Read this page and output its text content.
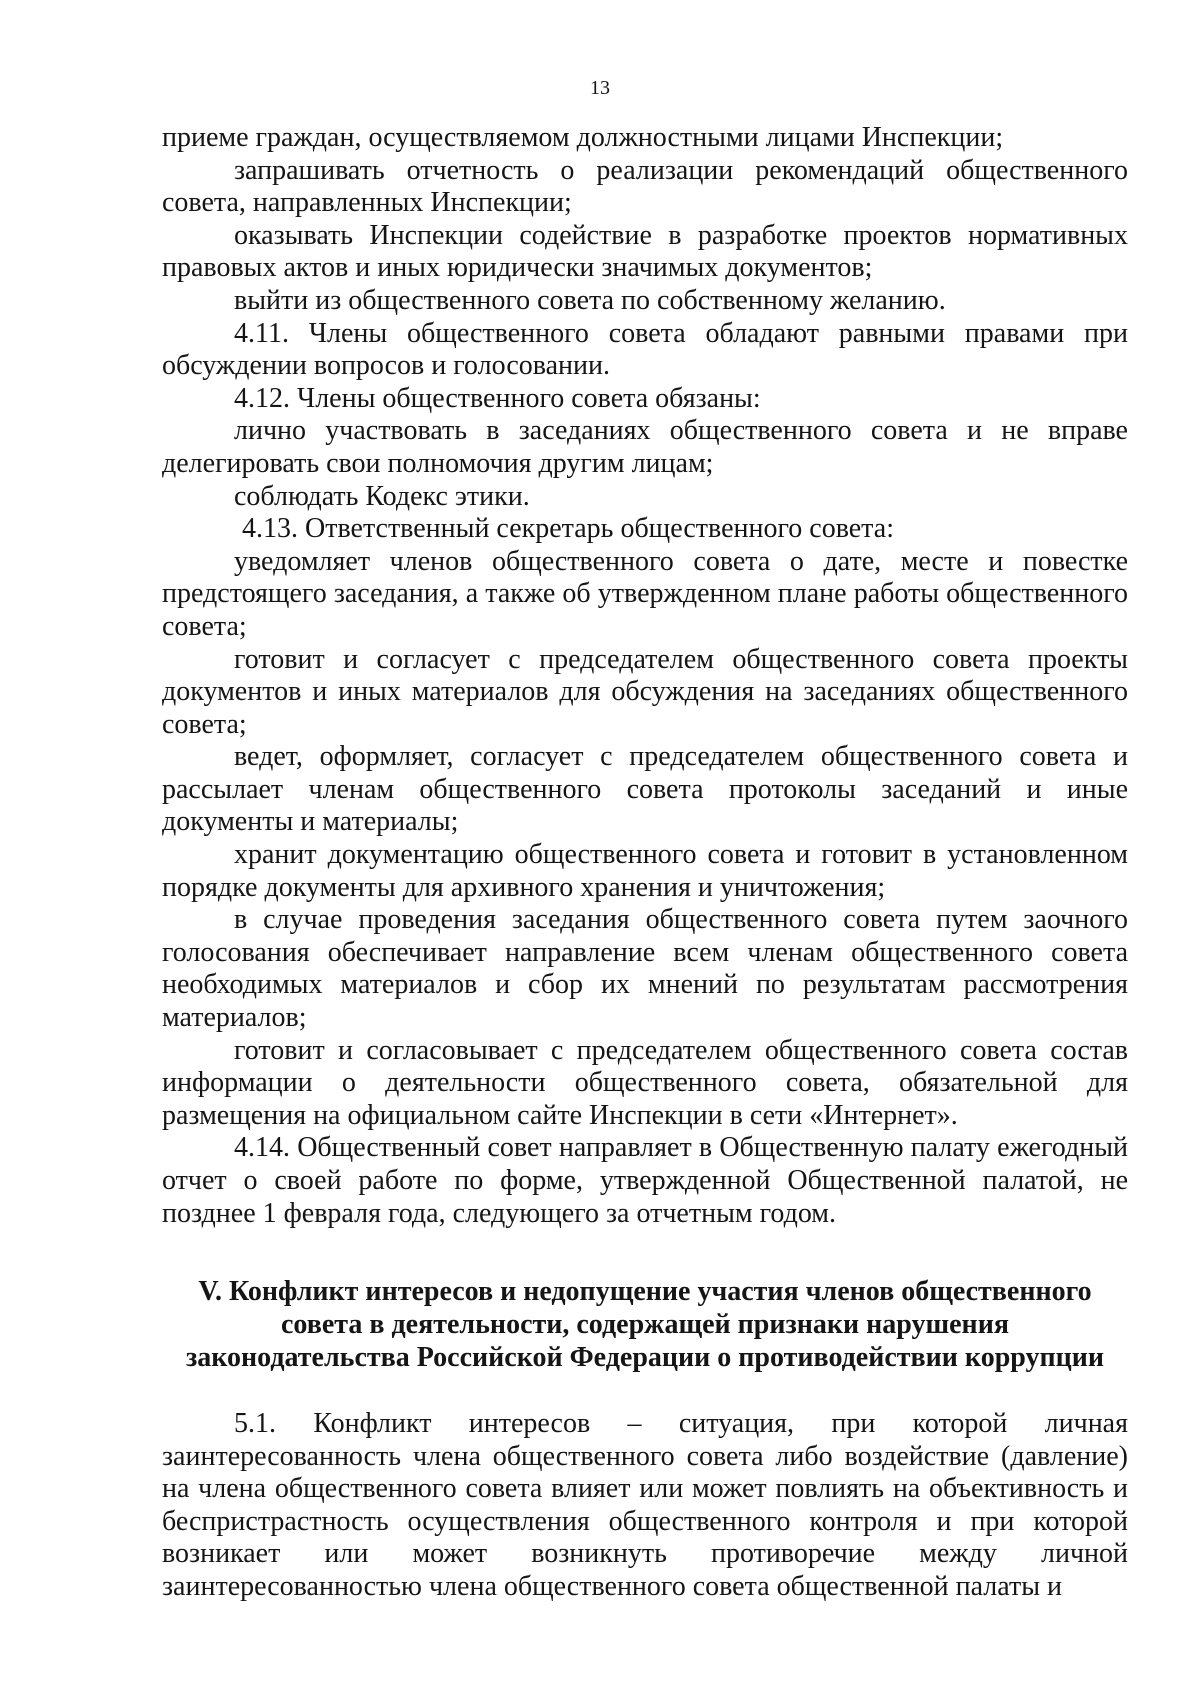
13

приеме граждан, осуществляемом должностными лицами Инспекции;

запрашивать отчетность о реализации рекомендаций общественного совета, направленных Инспекции;

оказывать Инспекции содействие в разработке проектов нормативных правовых актов и иных юридически значимых документов;

выйти из общественного совета по собственному желанию.

4.11. Члены общественного совета обладают равными правами при обсуждении вопросов и голосовании.

4.12. Члены общественного совета обязаны:

лично участвовать в заседаниях общественного совета и не вправе делегировать свои полномочия другим лицам;

соблюдать Кодекс этики.

4.13. Ответственный секретарь общественного совета:

уведомляет членов общественного совета о дате, месте и повестке предстоящего заседания, а также об утвержденном плане работы общественного совета;

готовит и согласует с председателем общественного совета проекты документов и иных материалов для обсуждения на заседаниях общественного совета;

ведет, оформляет, согласует с председателем общественного совета и рассылает членам общественного совета протоколы заседаний и иные документы и материалы;

хранит документацию общественного совета и готовит в установленном порядке документы для архивного хранения и уничтожения;

в случае проведения заседания общественного совета путем заочного голосования обеспечивает направление всем членам общественного совета необходимых материалов и сбор их мнений по результатам рассмотрения материалов;

готовит и согласовывает с председателем общественного совета состав информации о деятельности общественного совета, обязательной для размещения на официальном сайте Инспекции в сети «Интернет».

4.14. Общественный совет направляет в Общественную палату ежегодный отчет о своей работе по форме, утвержденной Общественной палатой, не позднее 1 февраля года, следующего за отчетным годом.

V. Конфликт интересов и недопущение участия членов общественного
совета в деятельности, содержащей признаки нарушения
законодательства Российской Федерации о противодействии коррупции

5.1. Конфликт интересов – ситуация, при которой личная заинтересованность члена общественного совета либо воздействие (давление) на члена общественного совета влияет или может повлиять на объективность и беспристрастность осуществления общественного контроля и при которой возникает или может возникнуть противоречие между личной заинтересованностью члена общественного совета общественной палаты и
